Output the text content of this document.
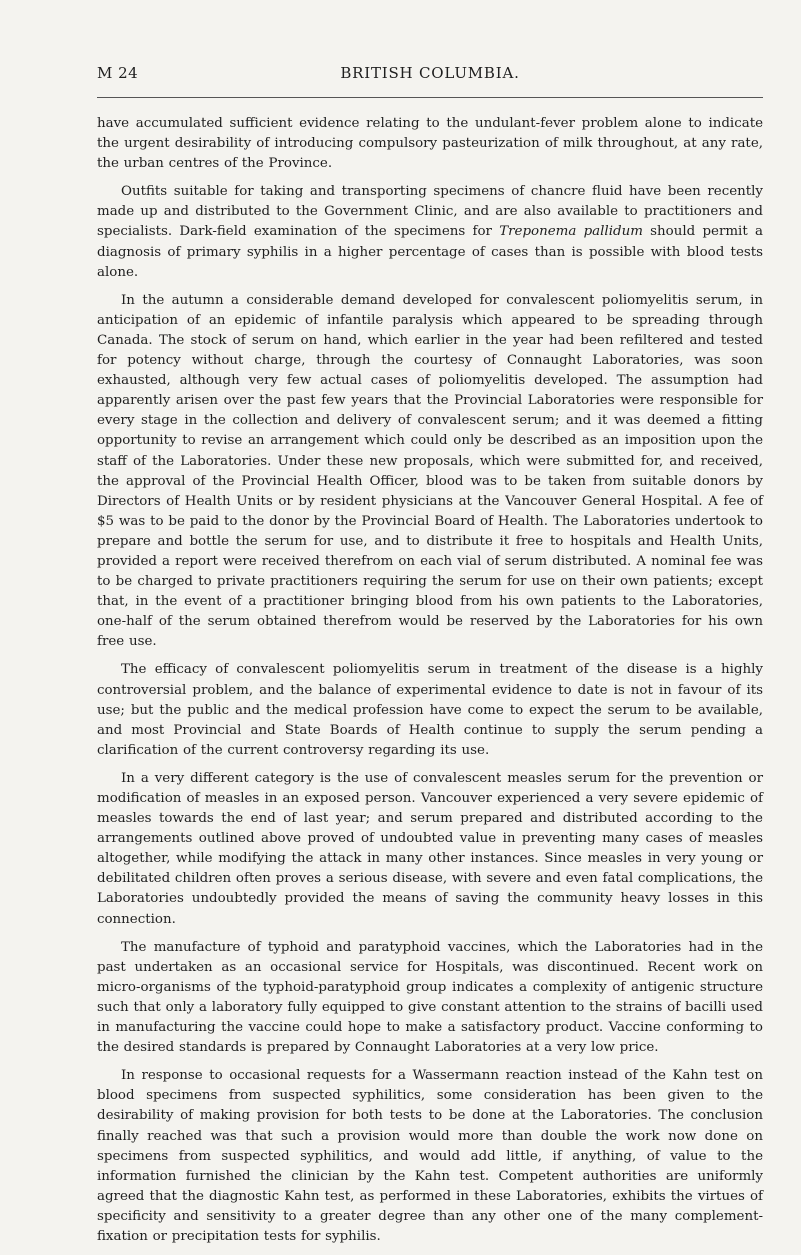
M 24	BRITISH COLUMBIA.

have accumulated sufficient evidence relating to the undulant-fever problem alone to indicate the urgent desirability of introducing compulsory pasteurization of milk throughout, at any rate, the urban centres of the Province.

Outfits suitable for taking and transporting specimens of chancre fluid have been recently made up and distributed to the Government Clinic, and are also available to practitioners and specialists. Dark-field examination of the specimens for Treponema pallidum should permit a diagnosis of primary syphilis in a higher percentage of cases than is possible with blood tests alone.

In the autumn a considerable demand developed for convalescent poliomyelitis serum, in anticipation of an epidemic of infantile paralysis which appeared to be spreading through Canada. The stock of serum on hand, which earlier in the year had been refiltered and tested for potency without charge, through the courtesy of Connaught Laboratories, was soon exhausted, although very few actual cases of poliomyelitis developed. The assumption had apparently arisen over the past few years that the Provincial Laboratories were responsible for every stage in the collection and delivery of convalescent serum; and it was deemed a fitting opportunity to revise an arrangement which could only be described as an imposition upon the staff of the Laboratories. Under these new proposals, which were submitted for, and received, the approval of the Provincial Health Officer, blood was to be taken from suitable donors by Directors of Health Units or by resident physicians at the Vancouver General Hospital. A fee of $5 was to be paid to the donor by the Provincial Board of Health. The Laboratories undertook to prepare and bottle the serum for use, and to distribute it free to hospitals and Health Units, provided a report were received therefrom on each vial of serum distributed. A nominal fee was to be charged to private practitioners requiring the serum for use on their own patients; except that, in the event of a practitioner bringing blood from his own patients to the Laboratories, one-half of the serum obtained therefrom would be reserved by the Laboratories for his own free use.

The efficacy of convalescent poliomyelitis serum in treatment of the disease is a highly controversial problem, and the balance of experimental evidence to date is not in favour of its use; but the public and the medical profession have come to expect the serum to be available, and most Provincial and State Boards of Health continue to supply the serum pending a clarification of the current controversy regarding its use.

In a very different category is the use of convalescent measles serum for the prevention or modification of measles in an exposed person. Vancouver experienced a very severe epidemic of measles towards the end of last year; and serum prepared and distributed according to the arrangements outlined above proved of undoubted value in preventing many cases of measles altogether, while modifying the attack in many other instances. Since measles in very young or debilitated children often proves a serious disease, with severe and even fatal complications, the Laboratories undoubtedly provided the means of saving the community heavy losses in this connection.

The manufacture of typhoid and paratyphoid vaccines, which the Laboratories had in the past undertaken as an occasional service for Hospitals, was discontinued. Recent work on micro-organisms of the typhoid-paratyphoid group indicates a complexity of antigenic structure such that only a laboratory fully equipped to give constant attention to the strains of bacilli used in manufacturing the vaccine could hope to make a satisfactory product. Vaccine conforming to the desired standards is prepared by Connaught Laboratories at a very low price.

In response to occasional requests for a Wassermann reaction instead of the Kahn test on blood specimens from suspected syphilitics, some consideration has been given to the desirability of making provision for both tests to be done at the Laboratories. The conclusion finally reached was that such a provision would more than double the work now done on specimens from suspected syphilitics, and would add little, if anything, of value to the information furnished the clinician by the Kahn test. Competent authorities are uniformly agreed that the diagnostic Kahn test, as performed in these Laboratories, exhibits the virtues of specificity and sensitivity to a greater degree than any other one of the many complement-fixation or precipitation tests for syphilis.
